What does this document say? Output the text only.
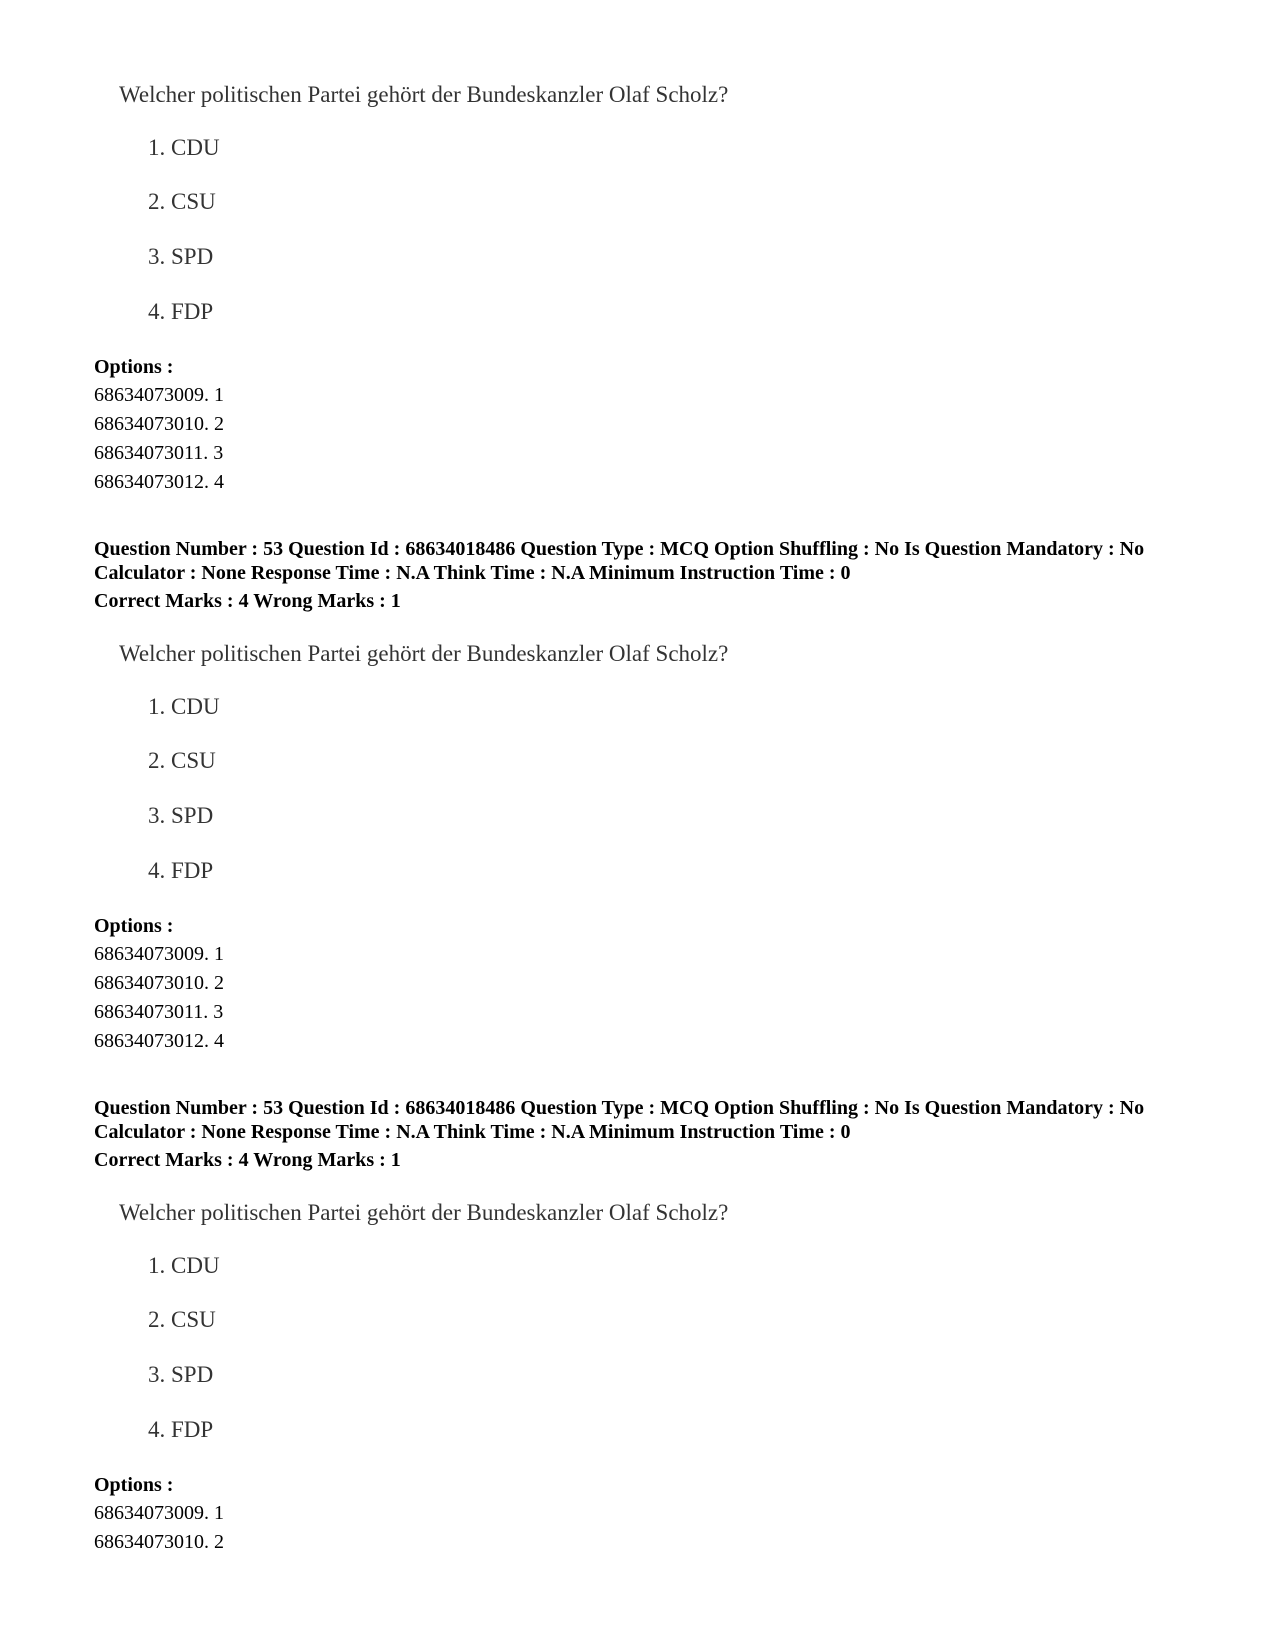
Welcher politischen Partei gehört der Bundeskanzler Olaf Scholz?
1. CDU
2. CSU
3. SPD
4. FDP
Options :
68634073009. 1
68634073010. 2
68634073011. 3
68634073012. 4
Question Number : 53 Question Id : 68634018486 Question Type : MCQ Option Shuffling : No Is Question Mandatory : No Calculator : None Response Time : N.A Think Time : N.A Minimum Instruction Time : 0
Correct Marks : 4 Wrong Marks : 1
Welcher politischen Partei gehört der Bundeskanzler Olaf Scholz?
1. CDU
2. CSU
3. SPD
4. FDP
Options :
68634073009. 1
68634073010. 2
68634073011. 3
68634073012. 4
Question Number : 53 Question Id : 68634018486 Question Type : MCQ Option Shuffling : No Is Question Mandatory : No Calculator : None Response Time : N.A Think Time : N.A Minimum Instruction Time : 0
Correct Marks : 4 Wrong Marks : 1
Welcher politischen Partei gehört der Bundeskanzler Olaf Scholz?
1. CDU
2. CSU
3. SPD
4. FDP
Options :
68634073009. 1
68634073010. 2
